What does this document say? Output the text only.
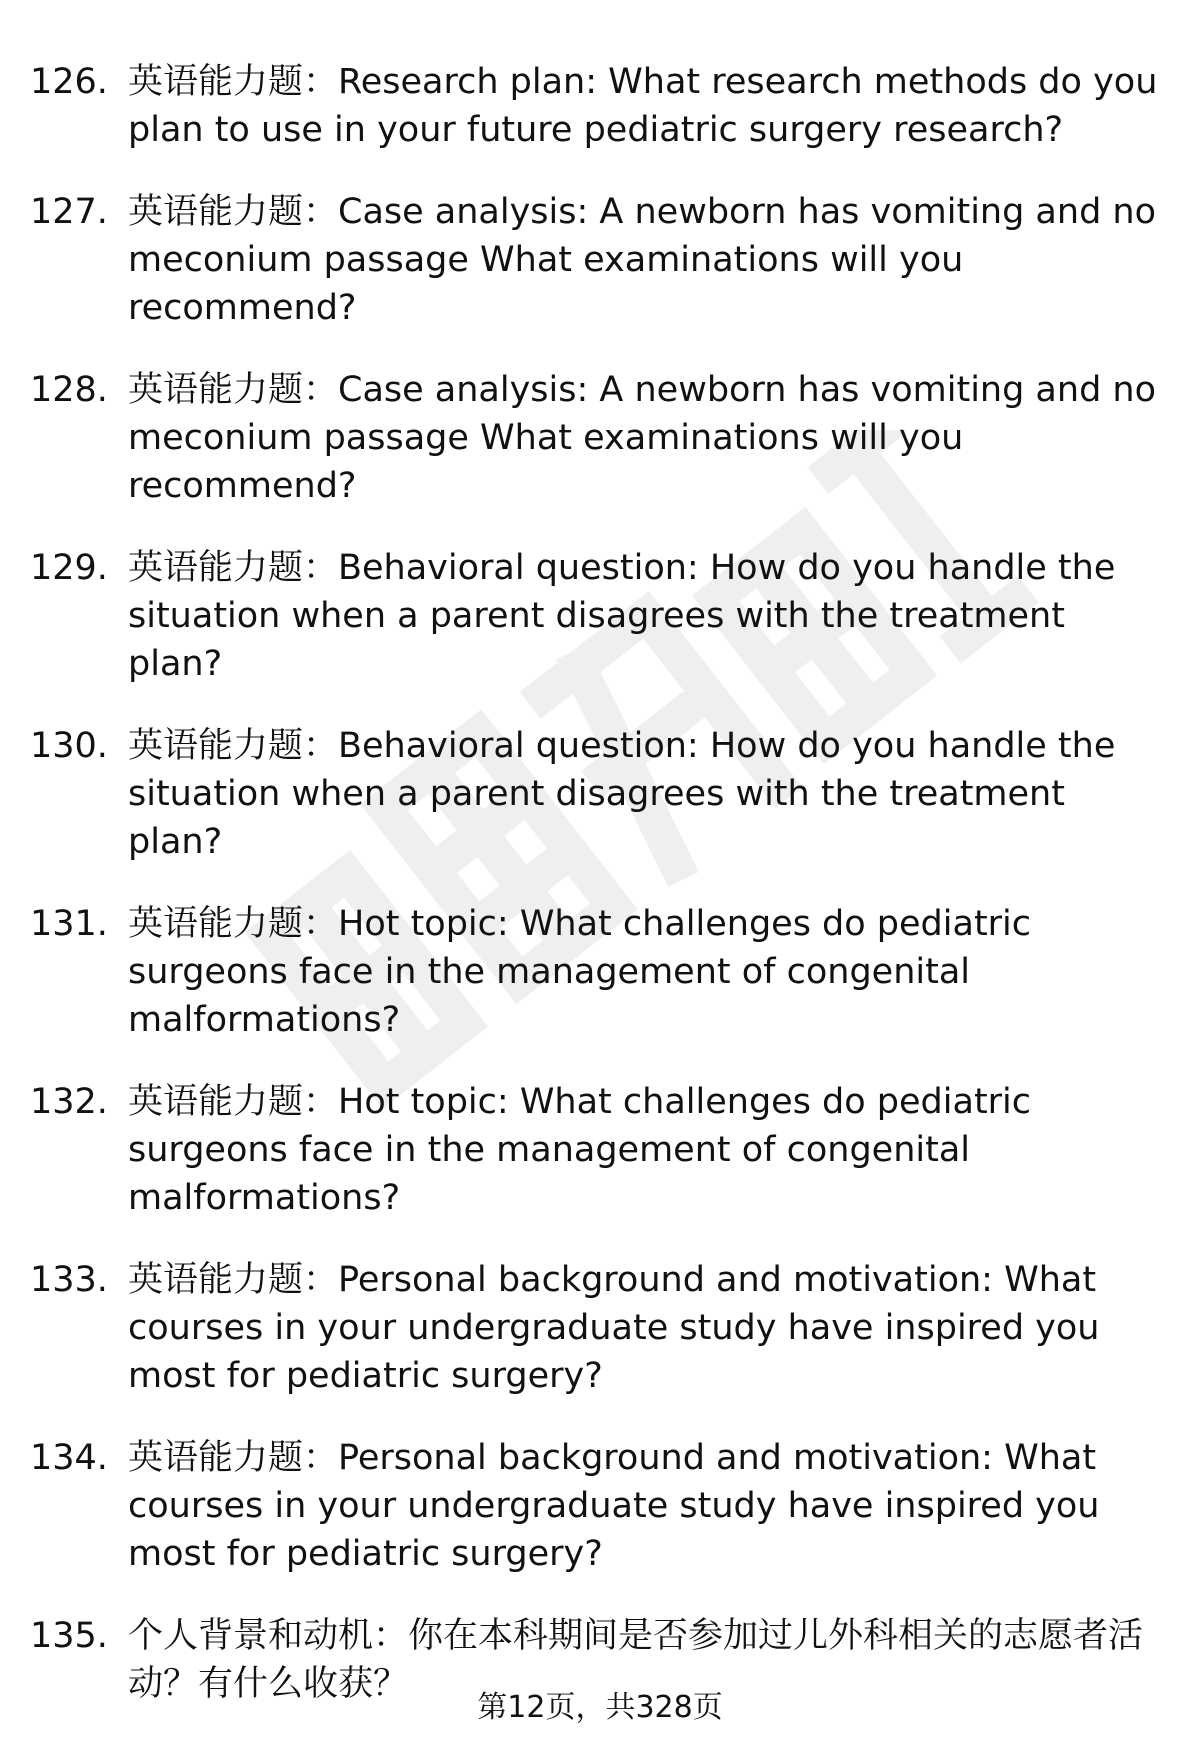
126. 英语能力题：Research plan: What research methods do you plan to use in your future pediatric surgery research?
127. 英语能力题：Case analysis: A newborn has vomiting and no meconium passage What examinations will you recommend?
128. 英语能力题：Case analysis: A newborn has vomiting and no meconium passage What examinations will you recommend?
129. 英语能力题：Behavioral question: How do you handle the situation when a parent disagrees with the treatment plan?
130. 英语能力题：Behavioral question: How do you handle the situation when a parent disagrees with the treatment plan?
131. 英语能力题：Hot topic: What challenges do pediatric surgeons face in the management of congenital malformations?
132. 英语能力题：Hot topic: What challenges do pediatric surgeons face in the management of congenital malformations?
133. 英语能力题：Personal background and motivation: What courses in your undergraduate study have inspired you most for pediatric surgery?
134. 英语能力题：Personal background and motivation: What courses in your undergraduate study have inspired you most for pediatric surgery?
135. 个人背景和动机：你在本科期间是否参加过儿外科相关的志愿者活动？有什么收获？
第12页，共328页
